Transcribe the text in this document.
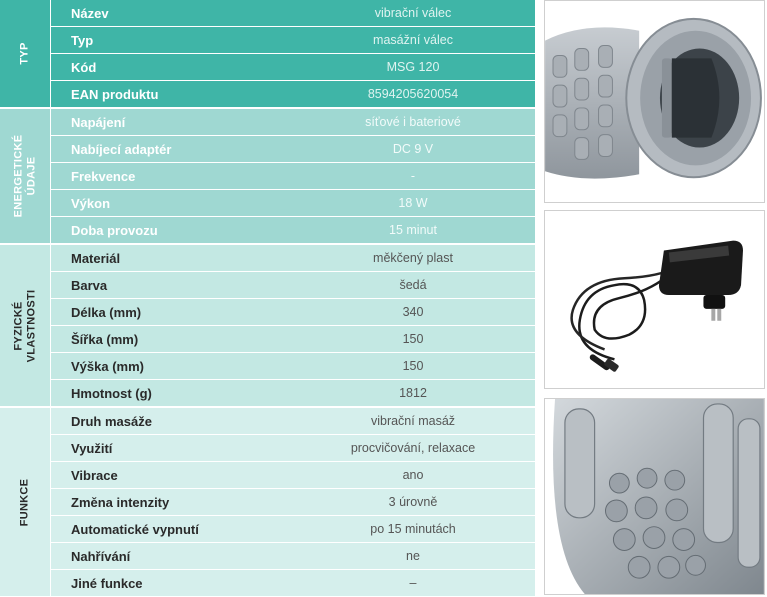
TYP
Název	vibrační válec
Typ	masážní válec
Kód	MSG 120
EAN produktu	8594205620054
ENERGETICKÉ
ÚDAJE
Napájení	síťové i bateriové
Nabíjecí adaptér	DC 9 V
Frekvence	-
Výkon	18 W
Doba provozu	15 minut
FYZICKÉ
VLASTNOSTI
Materiál	měkčený plast
Barva	šedá
Délka (mm)	340
Šířka (mm)	150
Výška (mm)	150
Hmotnost (g)	1812
FUNKCE
Druh masáže	vibrační masáž
Využití	procvičování, relaxace
Vibrace	ano
Změna intenzity	3 úrovně
Automatické vypnutí	po 15 minutách
Nahřívání	ne
Jiné funkce	–
